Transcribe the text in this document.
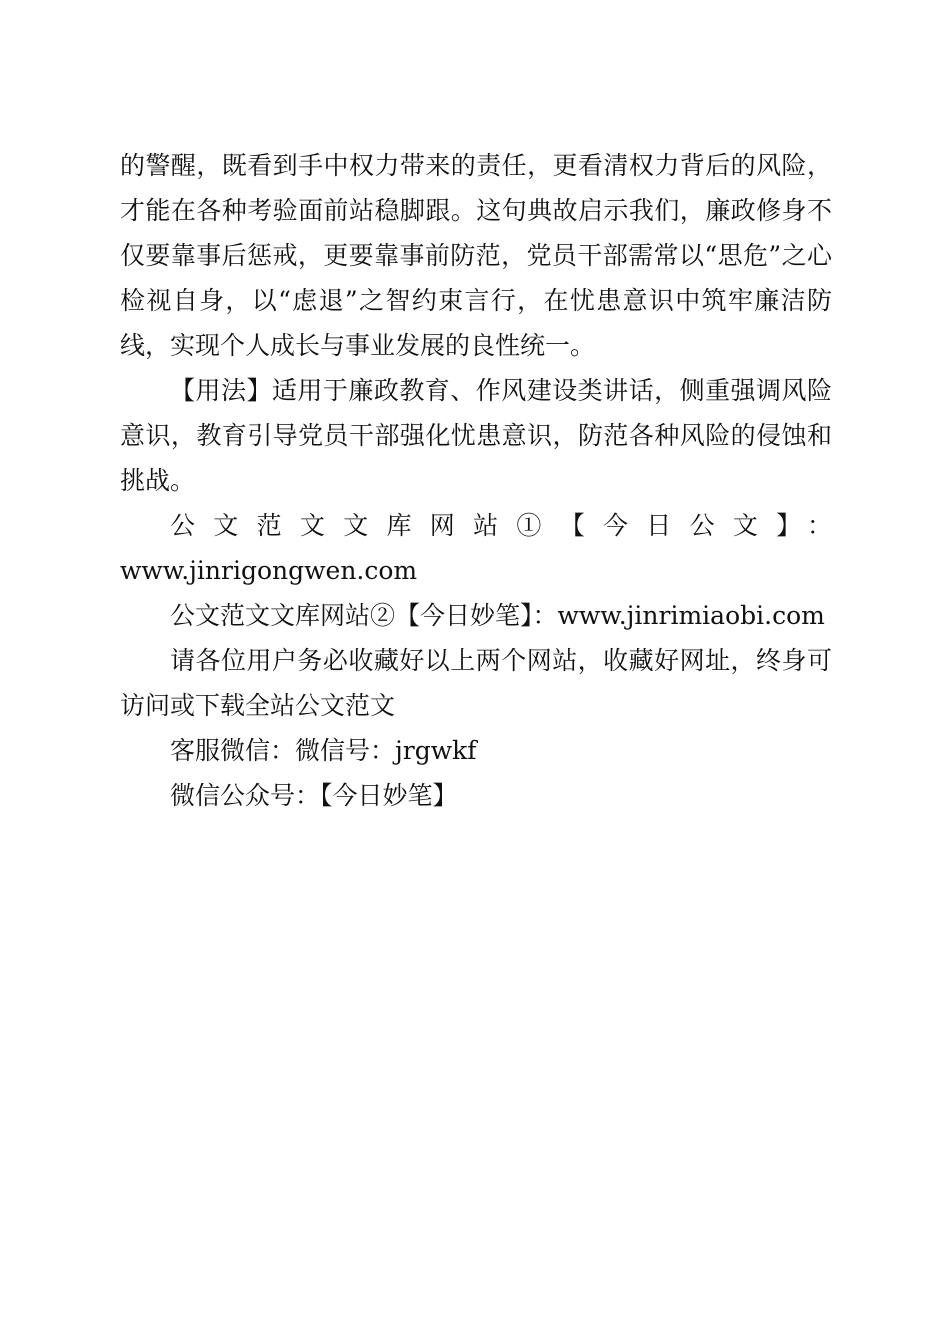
的警醒，既看到手中权力带来的责任，更看清权力背后的风险，才能在各种考验面前站稳脚跟。这句典故启示我们，廉政修身不仅要靠事后惩戒，更要靠事前防范，党员干部需常以“思危”之心检视自身，以“虑退”之智约束言行，在忧患意识中筑牢廉洁防线，实现个人成长与事业发展的良性统一。

【用法】适用于廉政教育、作风建设类讲话，侧重强调风险意识，教育引导党员干部强化忧患意识，防范各种风险的侵蚀和挑战。

公文范文文库网站①【今日公文】：

www.jinrigongwen.com

公文范文文库网站②【今日妙笔】：www.jinrimiaobi.com

请各位用户务必收藏好以上两个网站，收藏好网址，终身可访问或下载全站公文范文

客服微信：微信号：jrgwkf

微信公众号：【今日妙笔】
